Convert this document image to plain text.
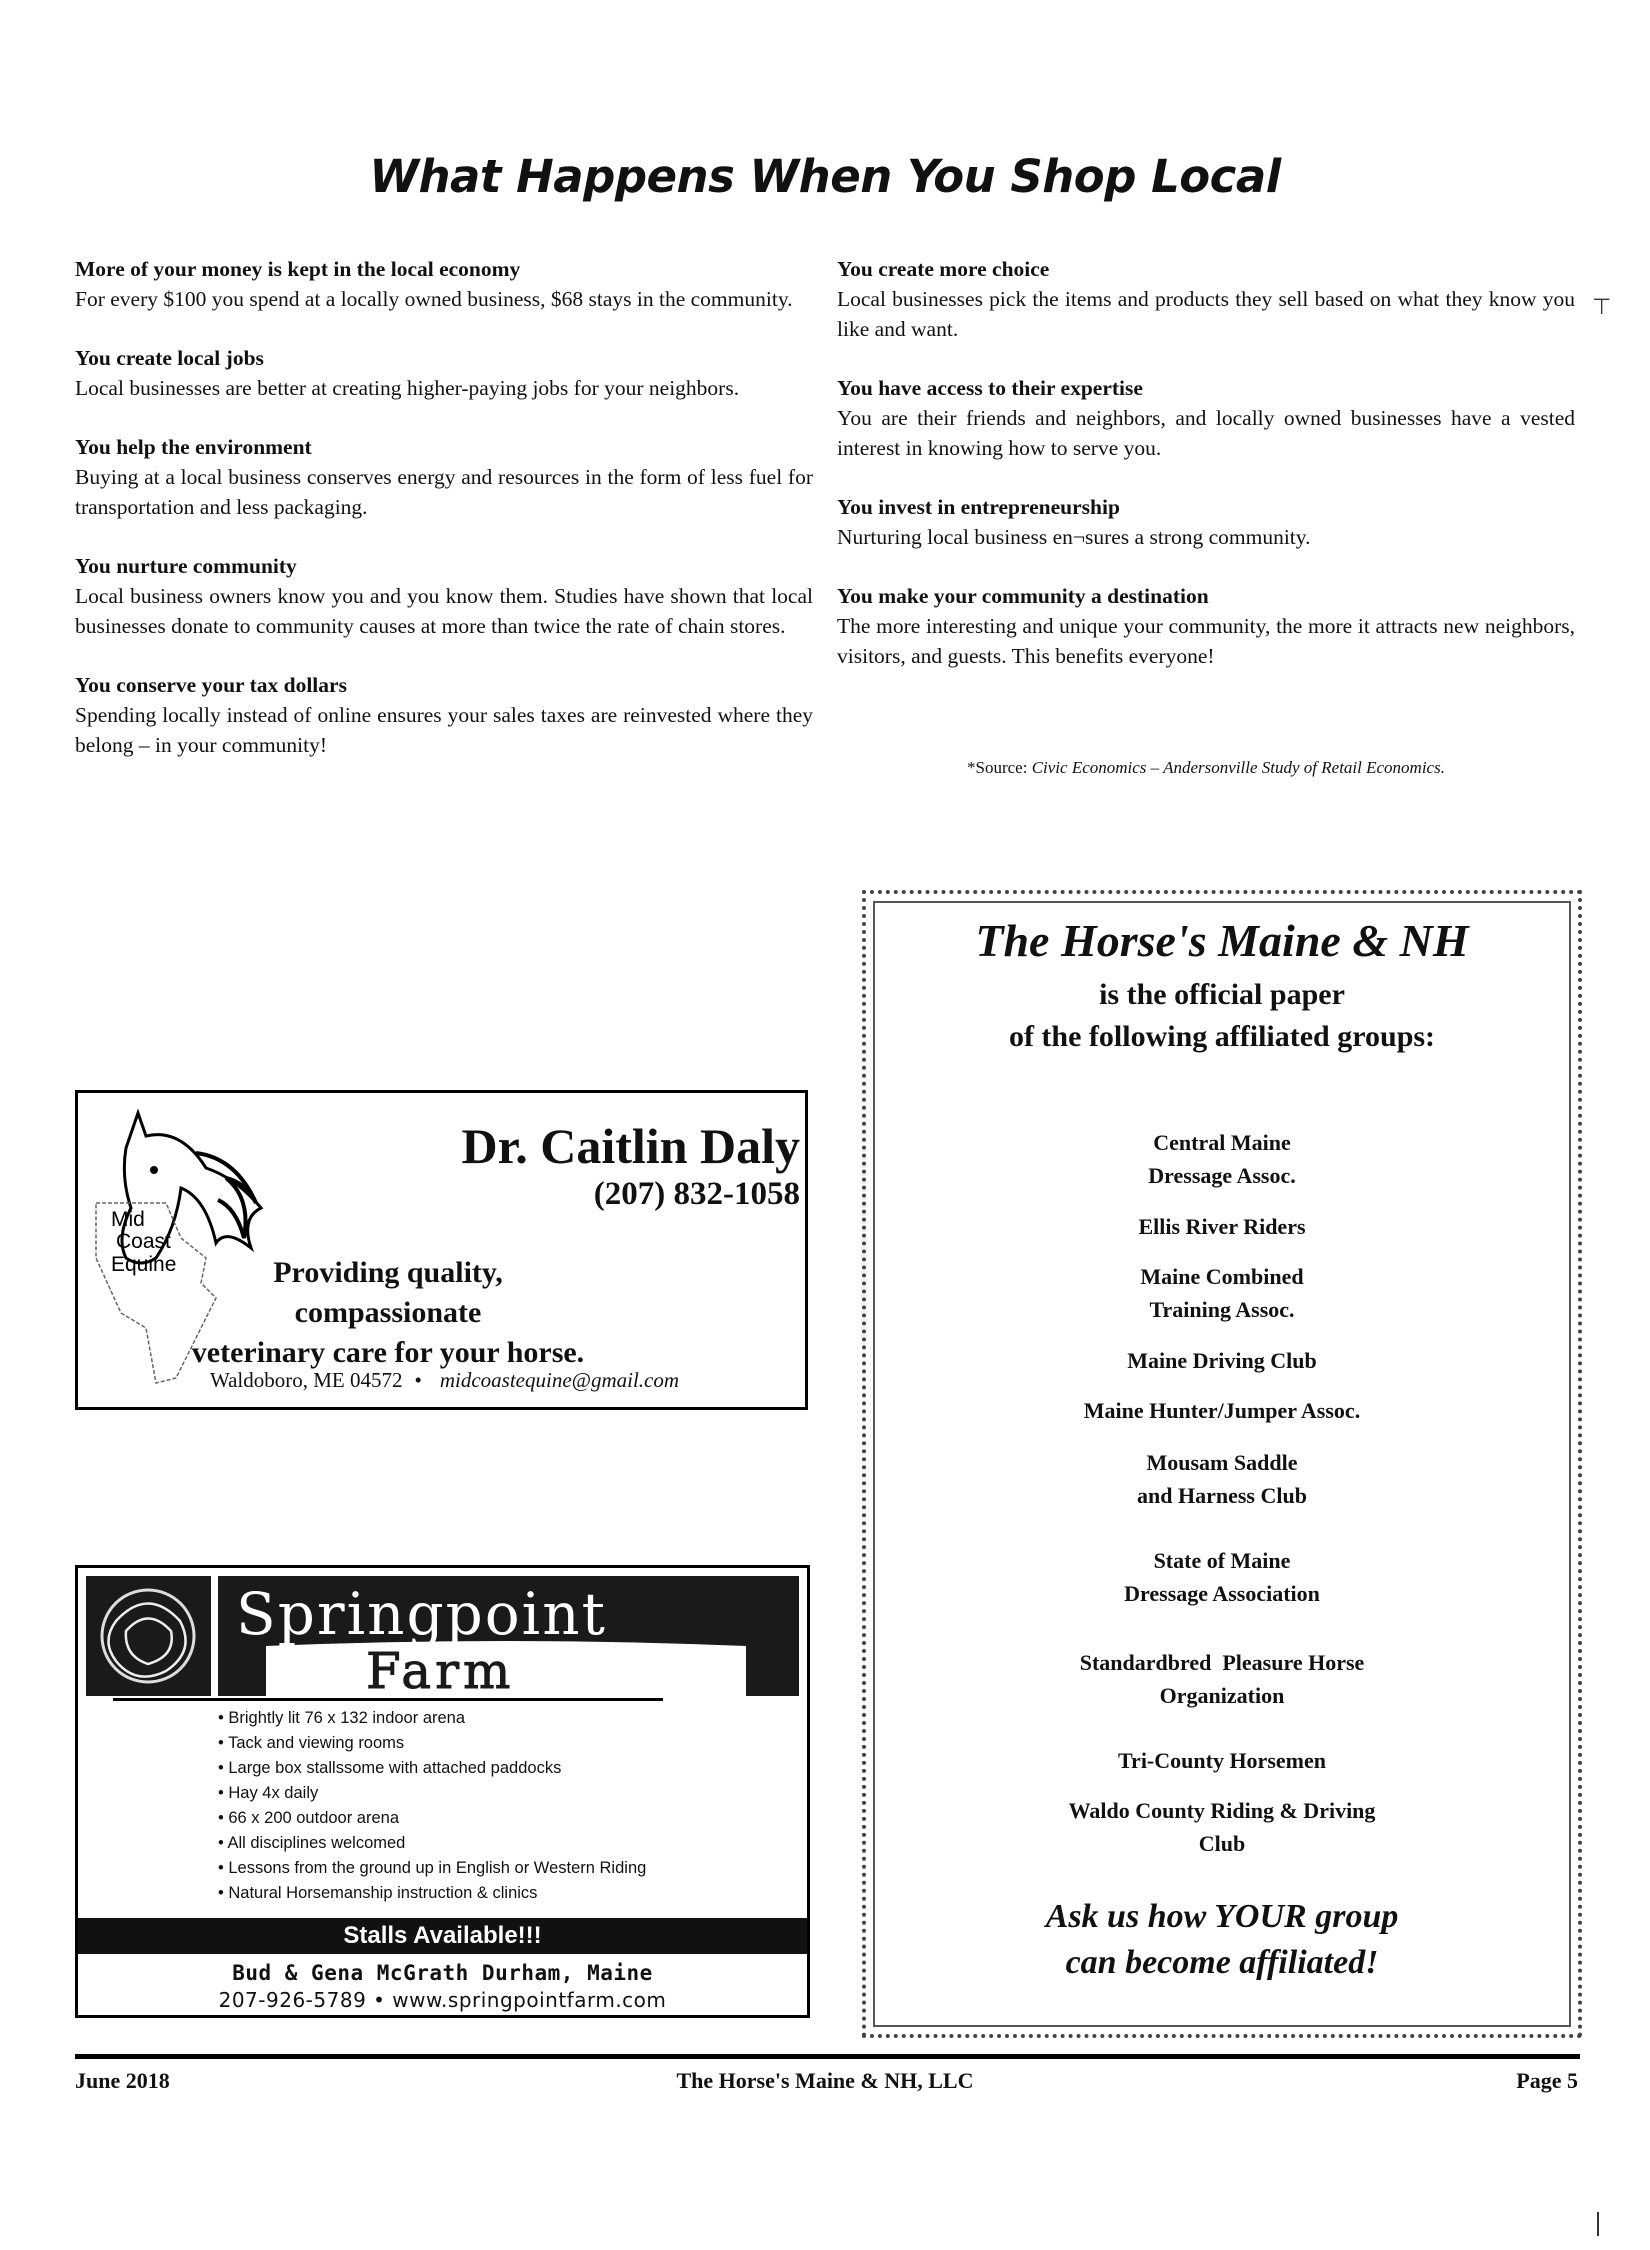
What Happens When You Shop Local
More of your money is kept in the local economy
For every $100 you spend at a locally owned business, $68 stays in the community.
You create local jobs
Local businesses are better at creating higher-paying jobs for your neighbors.
You help the environment
Buying at a local business conserves energy and resources in the form of less fuel for transportation and less packaging.
You nurture community
Local business owners know you and you know them. Studies have shown that local businesses donate to community causes at more than twice the rate of chain stores.
You conserve your tax dollars
Spending locally instead of online ensures your sales taxes are reinvested where they belong – in your community!
You create more choice
Local businesses pick the items and products they sell based on what they know you like and want.
You have access to their expertise
You are their friends and neighbors, and locally owned businesses have a vested interest in knowing how to serve you.
You invest in entrepreneurship
Nurturing local business en¬sures a strong community.
You make your community a destination
The more interesting and unique your community, the more it attracts new neighbors, visitors, and guests. This benefits everyone!
*Source: Civic Economics – Andersonville Study of Retail Economics.
⊤
Mid
Coast
Equine
Dr. Caitlin Daly
(207) 832-1058
Providing quality, compassionate
veterinary care for your horse.
Waldoboro, ME 04572 • midcoastequine@gmail.com
Springpoint
Farm
• Brightly lit 76 x 132 indoor arena
• Tack and viewing rooms
• Large box stallssome with attached paddocks
• Hay 4x daily
• 66 x 200 outdoor arena
• All disciplines welcomed
• Lessons from the ground up in English or Western Riding
• Natural Horsemanship instruction & clinics
Stalls Available!!!
Bud & Gena McGrath Durham, Maine
207-926-5789 • www.springpointfarm.com
The Horse's Maine & NH
is the official paper
of the following affiliated groups:
Central Maine
Dressage Assoc.
Ellis River Riders
Maine Combined
Training Assoc.
Maine Driving Club
Maine Hunter/Jumper Assoc.
Mousam Saddle
and Harness Club
State of Maine
Dressage Association
Standardbred  Pleasure Horse
Organization
Tri-County Horsemen
Waldo County Riding & Driving
Club
Ask us how YOUR group
can become affiliated!
June 2018	The Horse's Maine & NH, LLC	Page 5
